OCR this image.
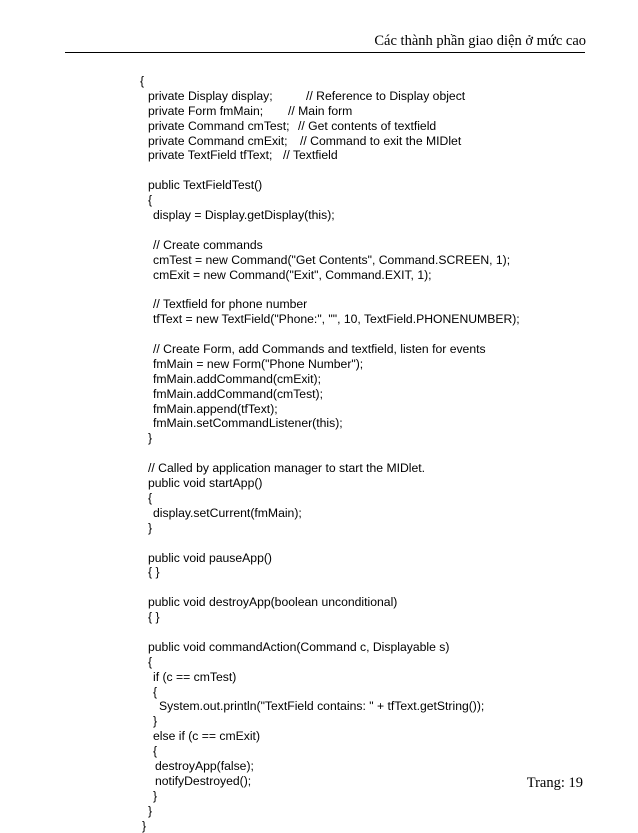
Các thành phần giao diện ở mức cao
{
private Display display;	// Reference to Display object
private Form fmMain; // Main form
private Command cmTest; // Get contents of textfield
private Command cmExit; // Command to exit the MIDlet
private TextField tfText; // Textfield
public TextFieldTest()
{
display = Display.getDisplay(this);
// Create commands
cmTest = new Command("Get Contents", Command.SCREEN, 1);
cmExit = new Command("Exit", Command.EXIT, 1);
// Textfield for phone number
tfText = new TextField("Phone:", "", 10, TextField.PHONENUMBER);
// Create Form, add Commands and textfield, listen for events
fmMain = new Form("Phone Number");
fmMain.addCommand(cmExit);
fmMain.addCommand(cmTest);
fmMain.append(tfText);
fmMain.setCommandListener(this);
}
// Called by application manager to start the MIDlet.
public void startApp()
{
display.setCurrent(fmMain);
}
public void pauseApp()
{ }
public void destroyApp(boolean unconditional)
{ }
public void commandAction(Command c, Displayable s)
{
if (c == cmTest)
{
System.out.println("TextField contains: " + tfText.getString());
}
else if (c == cmExit)
{
destroyApp(false);
notifyDestroyed();
}
}
}
Trang: 19
